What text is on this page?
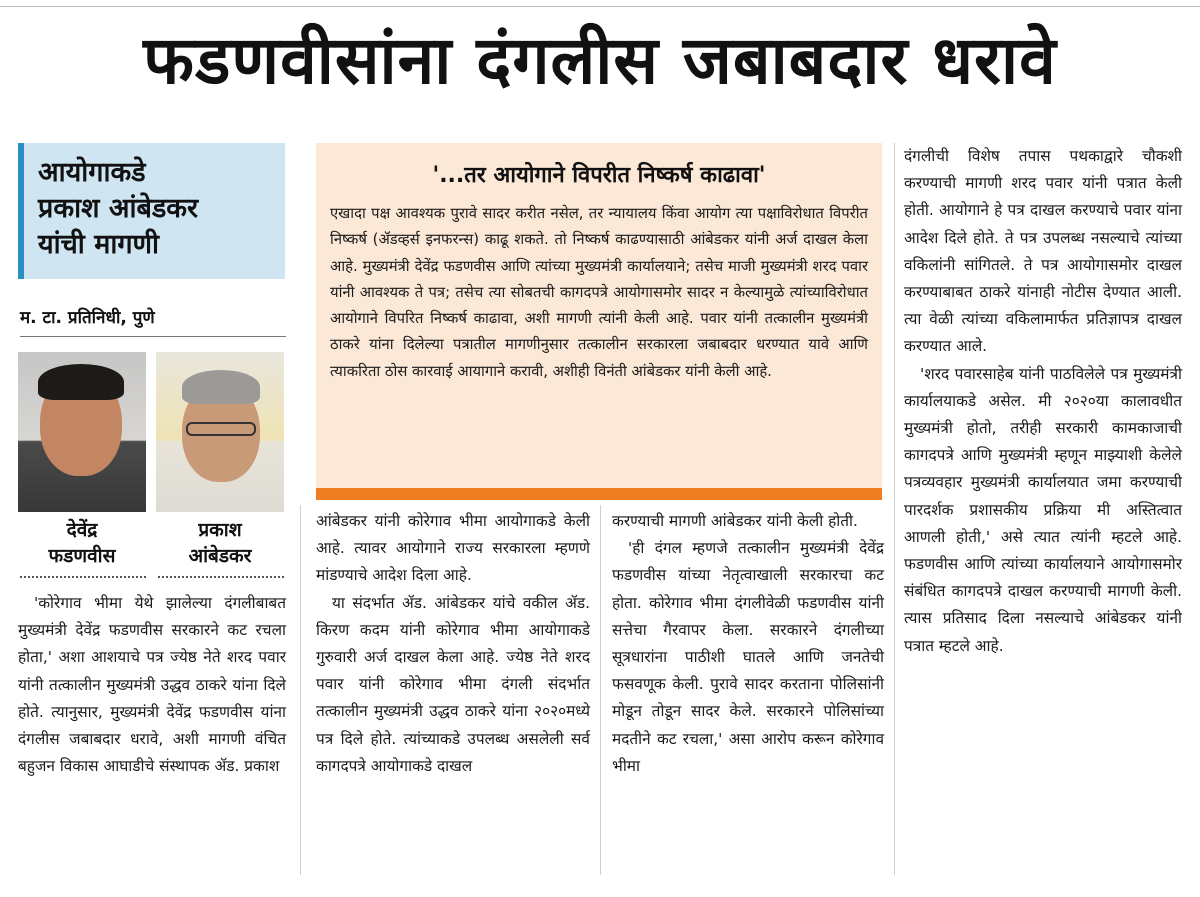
फडणवीसांना दंगलीस जबाबदार धरावे
आयोगाकडे
प्रकाश आंबेडकर
यांची मागणी
म. टा. प्रतिनिधी, पुणे
देवेंद्र
फडणवीस
प्रकाश
आंबेडकर
'...तर आयोगाने विपरीत निष्कर्ष काढावा'
एखादा पक्ष आवश्यक पुरावे सादर करीत नसेल, तर न्यायालय किंवा आयोग त्या पक्षाविरोधात विपरीत निष्कर्ष (ॲडव्हर्स इनफरन्स) काढू शकते. तो निष्कर्ष काढण्यासाठी आंबेडकर यांनी अर्ज दाखल केला आहे. मुख्यमंत्री देवेंद्र फडणवीस आणि त्यांच्या मुख्यमंत्री कार्यालयाने; तसेच माजी मुख्यमंत्री शरद पवार यांनी आवश्यक ते पत्र; तसेच त्या सोबतची कागदपत्रे आयोगासमोर सादर न केल्यामुळे त्यांच्याविरोधात आयोगाने विपरित निष्कर्ष काढावा, अशी मागणी त्यांनी केली आहे. पवार यांनी तत्कालीन मुख्यमंत्री ठाकरे यांना दिलेल्या पत्रातील मागणीनुसार तत्कालीन सरकारला जबाबदार धरण्यात यावे आणि त्याकरिता ठोस कारवाई आयागाने करावी, अशीही विनंती आंबेडकर यांनी केली आहे.

'कोरेगाव भीमा येथे झालेल्या दंगलीबाबत मुख्यमंत्री देवेंद्र फडणवीस सरकारने कट रचला होता,' अशा आशयाचे पत्र ज्येष्ठ नेते शरद पवार यांनी तत्कालीन मुख्यमंत्री उद्धव ठाकरे यांना दिले होते. त्यानुसार, मुख्यमंत्री देवेंद्र फडणवीस यांना दंगलीस जबाबदार धरावे, अशी मागणी वंचित बहुजन विकास आघाडीचे संस्थापक ॲड. प्रकाश

आंबेडकर यांनी कोरेगाव भीमा आयोगाकडे केली आहे. त्यावर आयोगाने राज्य सरकारला म्हणणे मांडण्याचे आदेश दिला आहे.

या संदर्भात ॲड. आंबेडकर यांचे वकील ॲड. किरण कदम यांनी कोरेगाव भीमा आयोगाकडे गुरुवारी अर्ज दाखल केला आहे. ज्येष्ठ नेते शरद पवार यांनी कोरेगाव भीमा दंगली संदर्भात तत्कालीन मुख्यमंत्री उद्धव ठाकरे यांना २०२०मध्ये पत्र दिले होते. त्यांच्याकडे उपलब्ध असलेली सर्व कागदपत्रे आयोगाकडे दाखल

करण्याची मागणी आंबेडकर यांनी केली होती.

'ही दंगल म्हणजे तत्कालीन मुख्यमंत्री देवेंद्र फडणवीस यांच्या नेतृत्वाखाली सरकारचा कट होता. कोरेगाव भीमा दंगलीवेळी फडणवीस यांनी सत्तेचा गैरवापर केला. सरकारने दंगलीच्या सूत्रधारांना पाठीशी घातले आणि जनतेची फसवणूक केली. पुरावे सादर करताना पोलिसांनी मोडून तोडून सादर केले. सरकारने पोलिसांच्या मदतीने कट रचला,' असा आरोप करून कोरेगाव भीमा

दंगलीची विशेष तपास पथकाद्वारे चौकशी करण्याची मागणी शरद पवार यांनी पत्रात केली होती. आयोगाने हे पत्र दाखल करण्याचे पवार यांना आदेश दिले होते. ते पत्र उपलब्ध नसल्याचे त्यांच्या वकिलांनी सांगितले. ते पत्र आयोगासमोर दाखल करण्याबाबत ठाकरे यांनाही नोटीस देण्यात आली. त्या वेळी त्यांच्या वकिलामार्फत प्रतिज्ञापत्र दाखल करण्यात आले.

'शरद पवारसाहेब यांनी पाठविलेले पत्र मुख्यमंत्री कार्यालयाकडे असेल. मी २०२०या कालावधीत मुख्यमंत्री होतो, तरीही सरकारी कामकाजाची कागदपत्रे आणि मुख्यमंत्री म्हणून माझ्याशी केलेले पत्रव्यवहार मुख्यमंत्री कार्यालयात जमा करण्याची पारदर्शक प्रशासकीय प्रक्रिया मी अस्तित्वात आणली होती,' असे त्यात त्यांनी म्हटले आहे. फडणवीस आणि त्यांच्या कार्यालयाने आयोगासमोर संबंधित कागदपत्रे दाखल करण्याची मागणी केली. त्यास प्रतिसाद दिला नसल्याचे आंबेडकर यांनी पत्रात म्हटले आहे.
